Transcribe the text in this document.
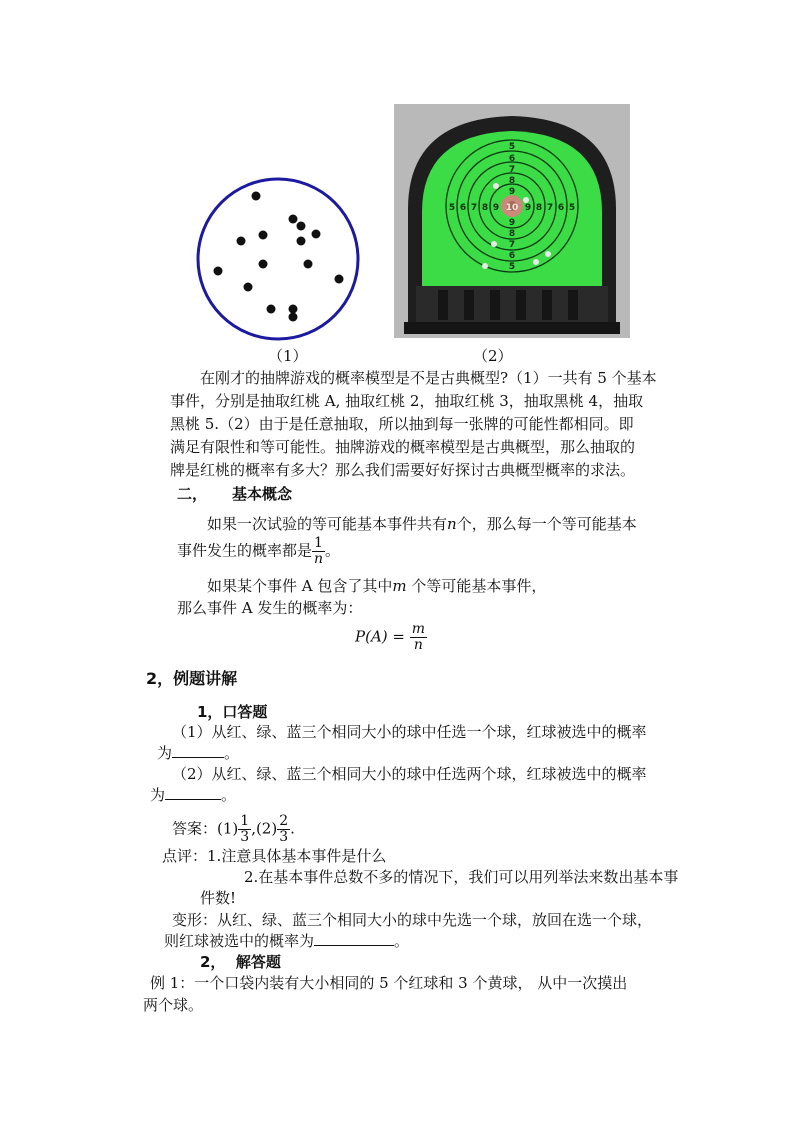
5
6
7
8
9
9
8
7
6
5
5 6 7 8 9 10 9 8 7 6 5
（1）	（2）
在刚才的抽牌游戏的概率模型是不是古典概型?（1）一共有 5 个基本
事件，分别是抽取红桃 A, 抽取红桃 2，抽取红桃 3，抽取黑桃 4，抽取
黑桃 5.（2）由于是任意抽取，所以抽到每一张牌的可能性都相同。即
满足有限性和等可能性。抽牌游戏的概率模型是古典概型，那么抽取的
牌是红桃的概率有多大？那么我们需要好好探讨古典概型概率的求法。
二， 基本概念
如果一次试验的等可能基本事件共有n个，那么每一个等可能基本
事件发生的概率都是 $\frac{1}{n}$ 。
如果某个事件 A 包含了其中m 个等可能基本事件，
那么事件 A 发生的概率为：
$P(A) = \frac{m}{n}$
2，例题讲解
1，口答题
（1）从红、绿、蓝三个相同大小的球中任选一个球，红球被选中的概率
为	。
（2）从红、绿、蓝三个相同大小的球中任选两个球，红球被选中的概率
为	。
答案：$(1) \frac{1}{3} ,(2) \frac{2}{3}$ .
点评：1.注意具体基本事件是什么
2.在基本事件总数不多的情况下，我们可以用列举法来数出基本事
件数!
变形：从红、绿、蓝三个相同大小的球中先选一个球，放回在选一个球，
则红球被选中的概率为	。
2，  解答题
例 1：一个口袋内装有大小相同的 5 个红球和 3 个黄球， 从中一次摸出
两个球。
